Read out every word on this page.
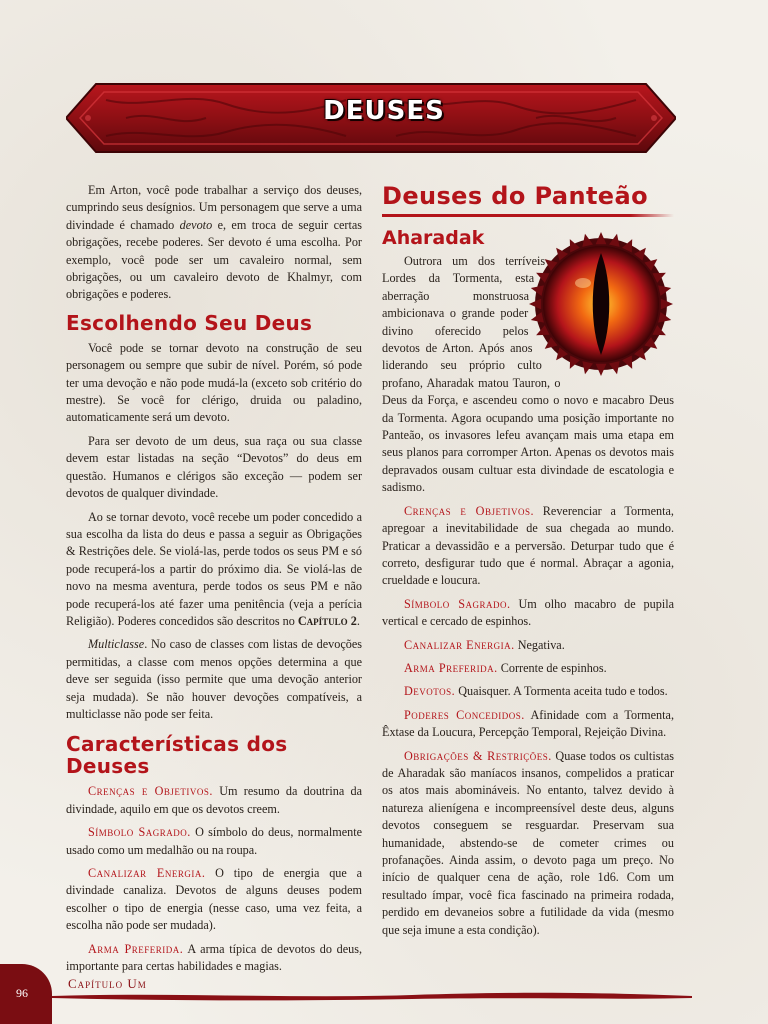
DEUSES

Em Arton, você pode trabalhar a serviço dos deuses, cumprindo seus desígnios. Um personagem que serve a uma divindade é chamado devoto e, em troca de seguir certas obrigações, recebe poderes. Ser devoto é uma escolha. Por exemplo, você pode ser um cavaleiro normal, sem obrigações, ou um cavaleiro devoto de Khalmyr, com obrigações e poderes.

Escolhendo Seu Deus

Você pode se tornar devoto na construção de seu personagem ou sempre que subir de nível. Porém, só pode ter uma devoção e não pode mudá-la (exceto sob critério do mestre). Se você for clérigo, druida ou paladino, automaticamente será um devoto.

Para ser devoto de um deus, sua raça ou sua classe devem estar listadas na seção “Devotos” do deus em questão. Humanos e clérigos são exceção — podem ser devotos de qualquer divindade.

Ao se tornar devoto, você recebe um poder concedido a sua escolha da lista do deus e passa a seguir as Obrigações & Restrições dele. Se violá-las, perde todos os seus PM e só pode recuperá-los a partir do próximo dia. Se violá-las de novo na mesma aventura, perde todos os seus PM e não pode recuperá-los até fazer uma penitência (veja a perícia Religião). Poderes concedidos são descritos no Capítulo 2.

Multiclasse. No caso de classes com listas de devoções permitidas, a classe com menos opções determina a que deve ser seguida (isso permite que uma devoção anterior seja mudada). Se não houver devoções compatíveis, a multiclasse não pode ser feita.

Características dos Deuses

Crenças e Objetivos. Um resumo da doutrina da divindade, aquilo em que os devotos creem.

Símbolo Sagrado. O símbolo do deus, normalmente usado como um medalhão ou na roupa.

Canalizar Energia. O tipo de energia que a divindade canaliza. Devotos de alguns deuses podem escolher o tipo de energia (nesse caso, uma vez feita, a escolha não pode ser mudada).

Arma Preferida. A arma típica de devotos do deus, importante para certas habilidades e magias.

Deuses do Panteão
Aharadak

Outrora um dos terríveis Lordes da Tormenta, esta aberração monstruosa ambicionava o grande poder divino oferecido pelos devotos de Arton. Após anos liderando seu próprio culto profano, Aharadak matou Tauron, o Deus da Força, e ascendeu como o novo e macabro Deus da Tormenta. Agora ocupando uma posição importante no Panteão, os invasores lefeu avançam mais uma etapa em seus planos para corromper Arton. Apenas os devotos mais depravados ousam cultuar esta divindade de escatologia e sadismo.

Crenças e Objetivos. Reverenciar a Tormenta, apregoar a inevitabilidade de sua chegada ao mundo. Praticar a devassidão e a perversão. Deturpar tudo que é correto, desfigurar tudo que é normal. Abraçar a agonia, crueldade e loucura.

Símbolo Sagrado. Um olho macabro de pupila vertical e cercado de espinhos.

Canalizar Energia. Negativa.

Arma Preferida. Corrente de espinhos.

Devotos. Quaisquer. A Tormenta aceita tudo e todos.

Poderes Concedidos. Afinidade com a Tormenta, Êxtase da Loucura, Percepção Temporal, Rejeição Divina.

Obrigações & Restrições. Quase todos os cultistas de Aharadak são maníacos insanos, compelidos a praticar os atos mais abomináveis. No entanto, talvez devido à natureza alienígena e incompreensível deste deus, alguns devotos conseguem se resguardar. Preservam sua humanidade, abstendo-se de cometer crimes ou profanações. Ainda assim, o devoto paga um preço. No início de qualquer cena de ação, role 1d6. Com um resultado ímpar, você fica fascinado na primeira rodada, perdido em devaneios sobre a futilidade da vida (mesmo que seja imune a esta condição).

96
Capítulo Um
